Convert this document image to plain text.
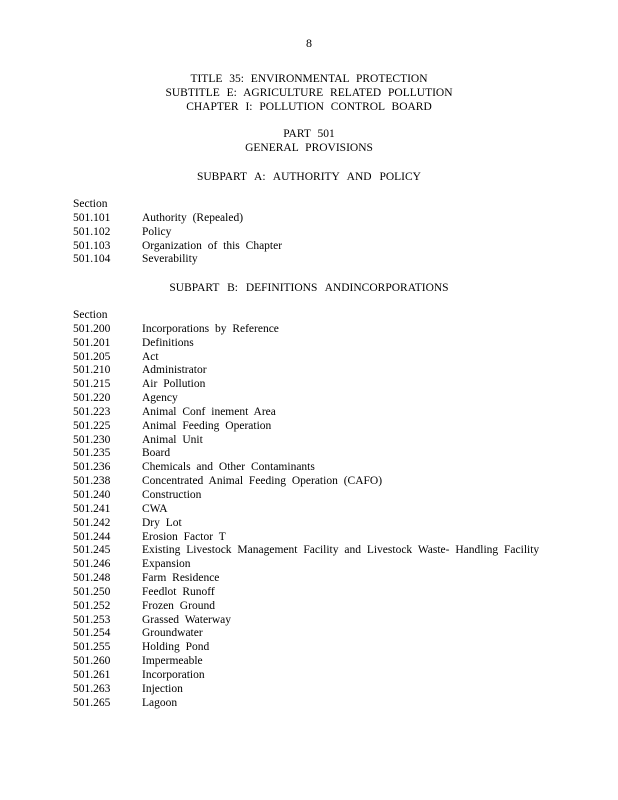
8
TITLE 35: ENVIRONMENTAL PROTECTION
SUBTITLE E: AGRICULTURE RELATED POLLUTION
CHAPTER I: POLLUTION CONTROL BOARD
PART 501
GENERAL PROVISIONS
SUBPART A: AUTHORITY AND POLICY
Section
501.101	Authority (Repealed)
501.102	Policy
501.103	Organization of this Chapter
501.104	Severability
SUBPART B: DEFINITIONS ANDINCORPORATIONS
Section
501.200	Incorporations by Reference
501.201	Definitions
501.205	Act
501.210	Administrator
501.215	Air Pollution
501.220	Agency
501.223	Animal Conf inement Area
501.225	Animal Feeding Operation
501.230	Animal Unit
501.235	Board
501.236	Chemicals and Other Contaminants
501.238	Concentrated Animal Feeding Operation (CAFO)
501.240	Construction
501.241	CWA
501.242	Dry Lot
501.244	Erosion Factor T
501.245	Existing Livestock Management Facility and Livestock Waste- Handling Facility
501.246	Expansion
501.248	Farm Residence
501.250	Feedlot Runoff
501.252	Frozen Ground
501.253	Grassed Waterway
501.254	Groundwater
501.255	Holding Pond
501.260	Impermeable
501.261	Incorporation
501.263	Injection
501.265	Lagoon
